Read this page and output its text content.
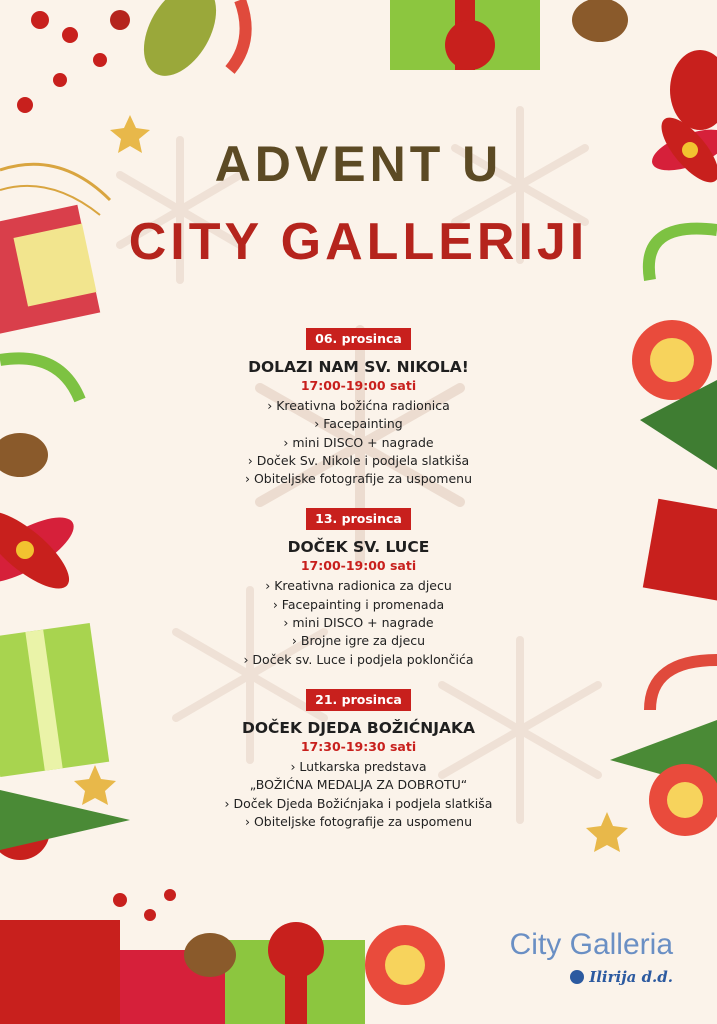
ADVENT U
CITY GALLERIJI
06. prosinca
DOLAZI NAM SV. NIKOLA!
17:00-19:00 sati
› Kreativna božićna radionica
› Facepainting
› mini DISCO + nagrade
› Doček Sv. Nikole i podjela slatkiša
› Obiteljske fotografije za uspomenu
13. prosinca
DOČEK SV. LUCE
17:00-19:00 sati
› Kreativna radionica za djecu
› Facepainting i promenada
› mini DISCO + nagrade
› Brojne igre za djecu
› Doček sv. Luce i podjela poklončića
21. prosinca
DOČEK DJEDA BOŽIĆNJAKA
17:30-19:30 sati
› Lutkarska predstava
„BOŽIĆNA MEDALJA ZA DOBROTU“
› Doček Djeda Božićnjaka i podjela slatkiša
› Obiteljske fotografije za uspomenu
City Galleria
Ilirija d.d.
